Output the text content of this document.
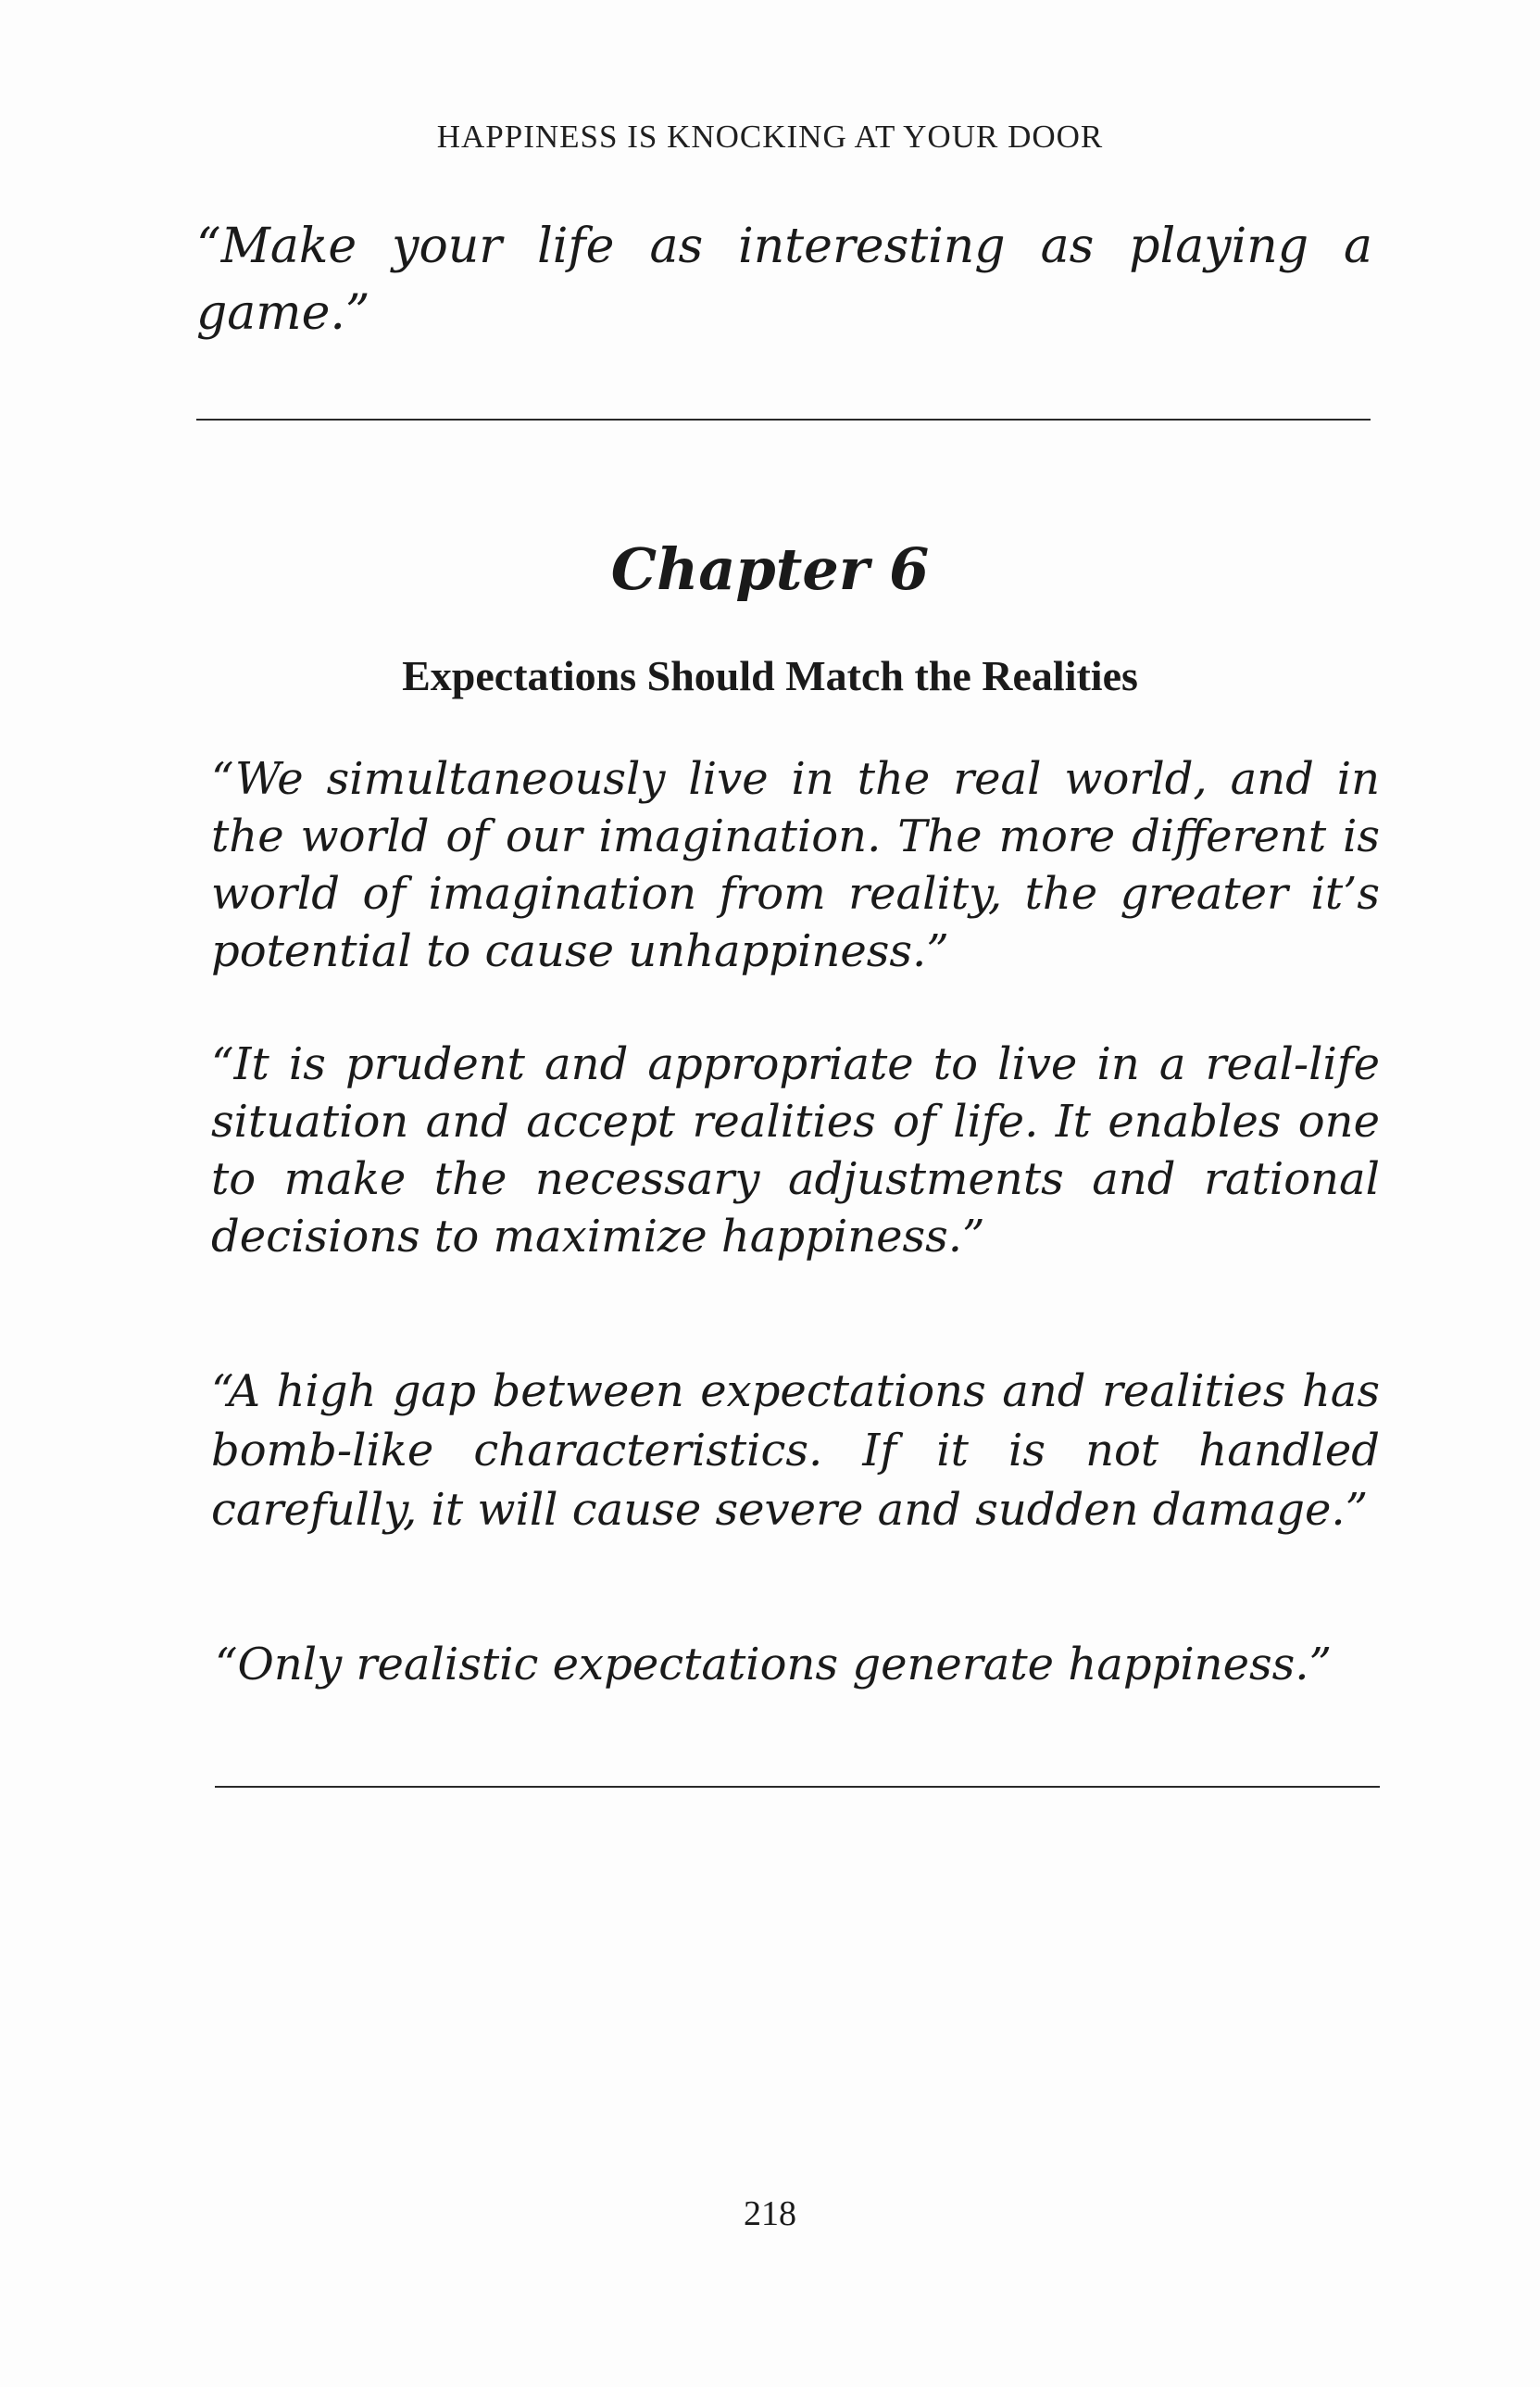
HAPPINESS IS KNOCKING AT YOUR DOOR

“Make your life as interesting as playing a game.”

Chapter 6
Expectations Should Match the Realities

“We simultaneously live in the real world, and in the world of our imagination. The more different is world of imagination from reality, the greater it’s potential to cause unhappiness.”

“It is prudent and appropriate to live in a real-life situation and accept realities of life. It enables one to make the necessary adjustments and rational decisions to maximize happiness.”

“A high gap between expectations and realities has bomb-like characteristics. If it is not handled carefully, it will cause severe and sudden damage.”

“Only realistic expectations generate happiness.”

218
